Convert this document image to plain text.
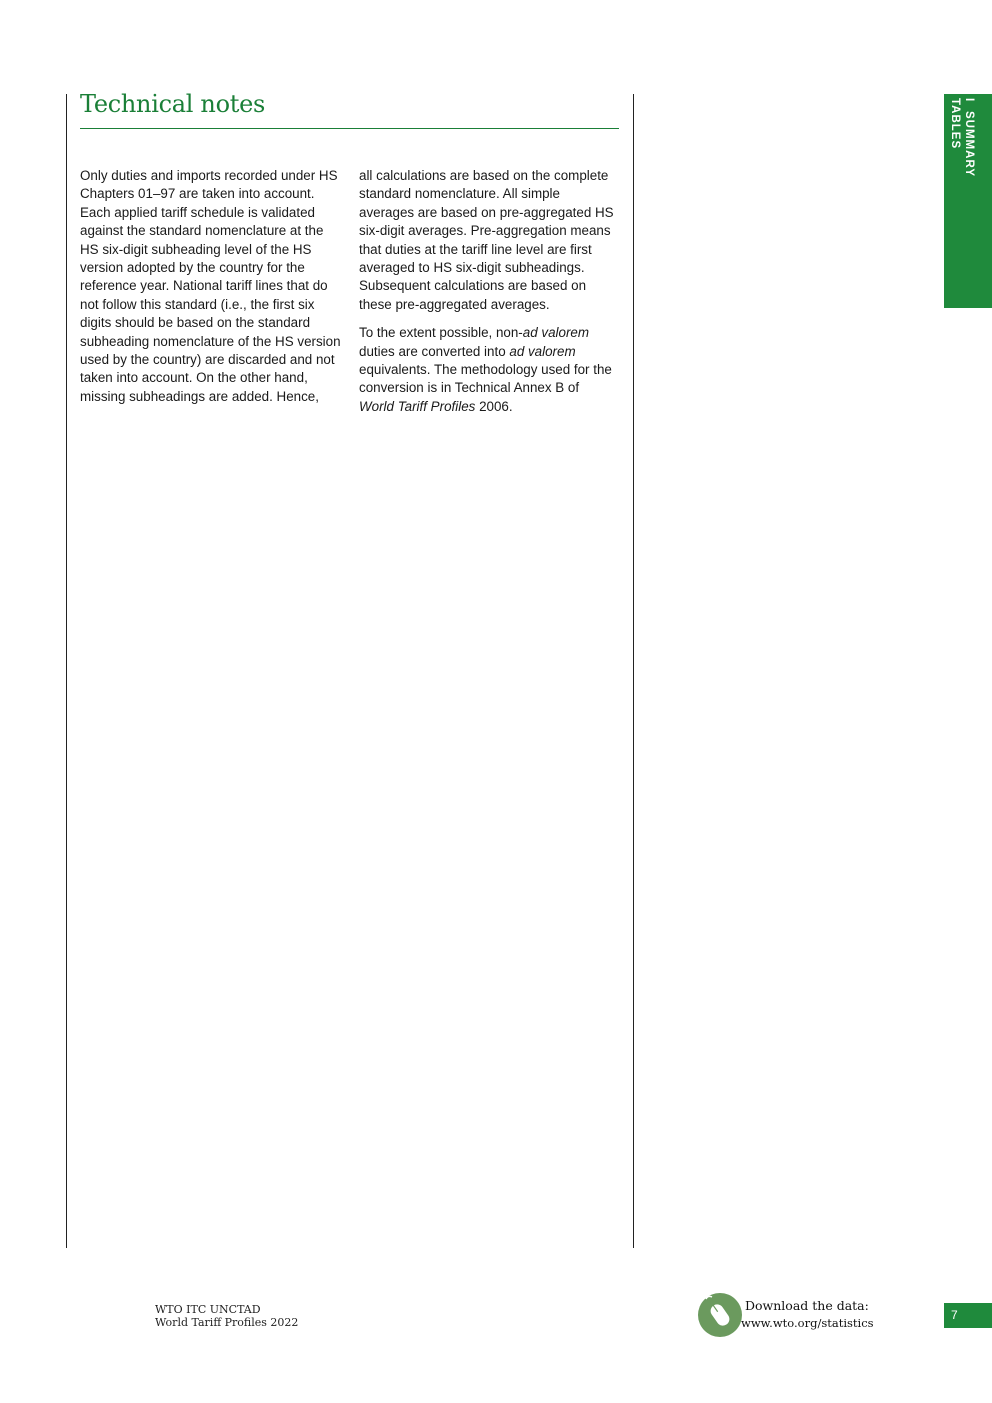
Technical notes

Only duties and imports recorded under HS Chapters 01–97 are taken into account. Each applied tariff schedule is validated against the standard nomenclature at the HS six-digit subheading level of the HS version adopted by the country for the reference year. National tariff lines that do not follow this standard (i.e., the first six digits should be based on the standard subheading nomenclature of the HS version used by the country) are discarded and not taken into account. On the other hand, missing subheadings are added. Hence,

all calculations are based on the complete standard nomenclature. All simple averages are based on pre-aggregated HS six-digit averages. Pre-aggregation means that duties at the tariff line level are first averaged to HS six-digit subheadings. Subsequent calculations are based on these pre-aggregated averages.

To the extent possible, non-ad valorem duties are converted into ad valorem equivalents. The methodology used for the conversion is in Technical Annex B of World Tariff Profiles 2006.

I  SUMMARY
TABLES
WTO ITC UNCTAD
World Tariff Profiles 2022
Download the data:
www.wto.org/statistics
7
